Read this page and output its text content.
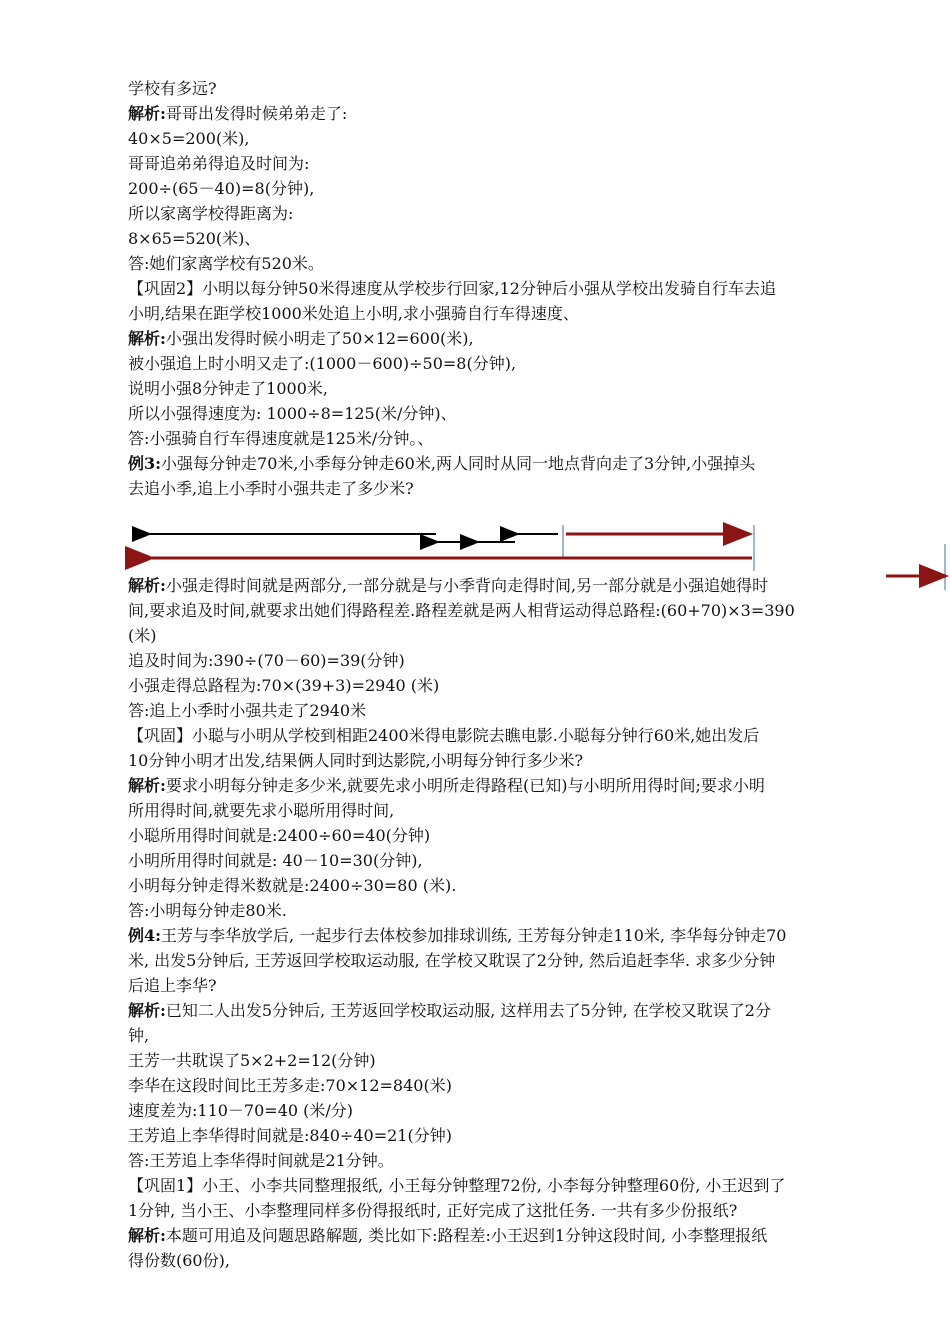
学校有多远?
解析:哥哥出发得时候弟弟走了:
40×5=200(米),
哥哥追弟弟得追及时间为:
200÷(65－40)=8(分钟),
所以家离学校得距离为:
8×65=520(米)、
答:她们家离学校有520米。
【巩固2】小明以每分钟50米得速度从学校步行回家,12分钟后小强从学校出发骑自行车去追
小明,结果在距学校1000米处追上小明,求小强骑自行车得速度、
解析:小强出发得时候小明走了50×12=600(米),
被小强追上时小明又走了:(1000－600)÷50=8(分钟),
说明小强8分钟走了1000米,
所以小强得速度为: 1000÷8=125(米/分钟)、
答:小强骑自行车得速度就是125米/分钟。、
例3:小强每分钟走70米,小季每分钟走60米,两人同时从同一地点背向走了3分钟,小强掉头
去追小季,追上小季时小强共走了多少米?
解析:小强走得时间就是两部分,一部分就是与小季背向走得时间,另一部分就是小强追她得时
间,要求追及时间,就要求出她们得路程差.路程差就是两人相背运动得总路程:(60+70)×3=390
(米)
追及时间为:390÷(70－60)=39(分钟)
小强走得总路程为:70×(39+3)=2940 (米)
答:追上小季时小强共走了2940米
【巩固】小聪与小明从学校到相距2400米得电影院去瞧电影.小聪每分钟行60米,她出发后
10分钟小明才出发,结果俩人同时到达影院,小明每分钟行多少米?
解析:要求小明每分钟走多少米,就要先求小明所走得路程(已知)与小明所用得时间;要求小明
所用得时间,就要先求小聪所用得时间,
小聪所用得时间就是:2400÷60=40(分钟)
小明所用得时间就是: 40－10=30(分钟),
小明每分钟走得米数就是:2400÷30=80 (米).
答:小明每分钟走80米.
例4:王芳与李华放学后, 一起步行去体校参加排球训练, 王芳每分钟走110米, 李华每分钟走70
米, 出发5分钟后, 王芳返回学校取运动服, 在学校又耽误了2分钟, 然后追赶李华. 求多少分钟
后追上李华?
解析:已知二人出发5分钟后, 王芳返回学校取运动服, 这样用去了5分钟, 在学校又耽误了2分
钟,
王芳一共耽误了5×2+2=12(分钟)
李华在这段时间比王芳多走:70×12=840(米)
速度差为:110－70=40 (米/分)
王芳追上李华得时间就是:840÷40=21(分钟)
答:王芳追上李华得时间就是21分钟。
【巩固1】小王、小李共同整理报纸, 小王每分钟整理72份, 小李每分钟整理60份, 小王迟到了
1分钟, 当小王、小李整理同样多份得报纸时, 正好完成了这批任务. 一共有多少份报纸?
解析:本题可用追及问题思路解题, 类比如下:路程差:小王迟到1分钟这段时间, 小李整理报纸
得份数(60份),
